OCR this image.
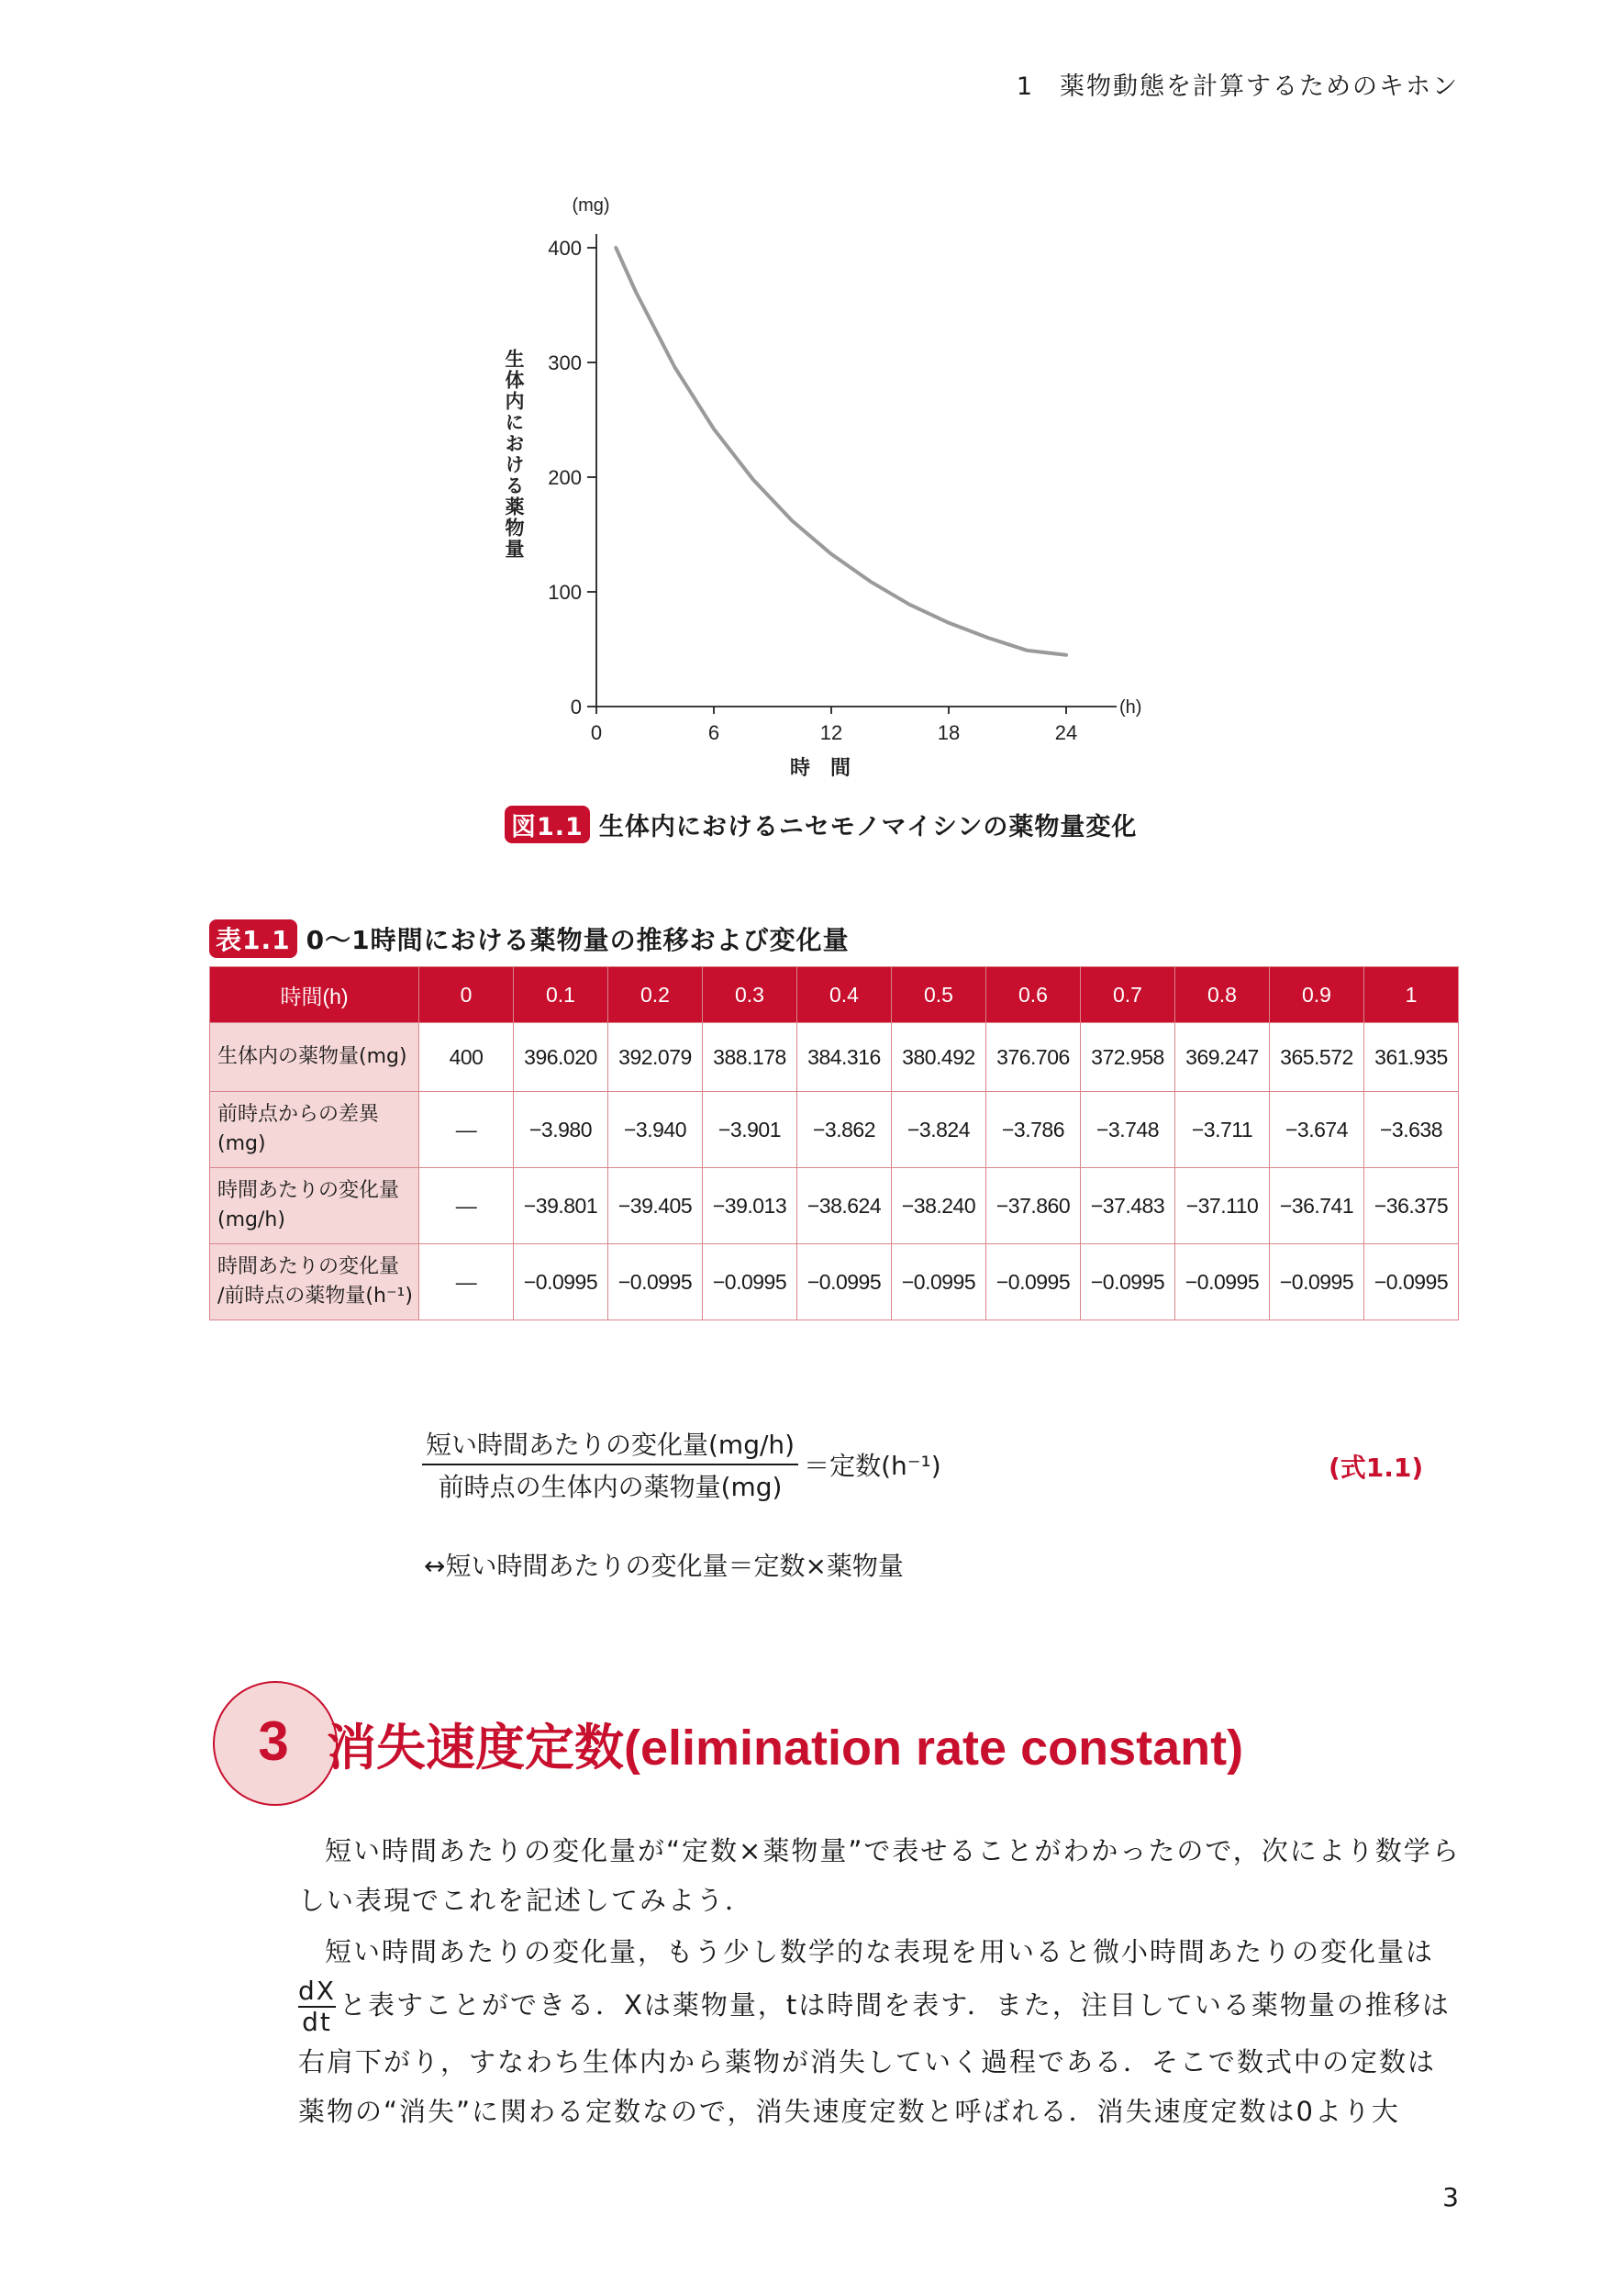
1 薬物動態を計算するためのキホン
0
100
200
300
400
0	6	12	18	24
(mg)
(h)
時　間
生体内における薬物量
図1.1 生体内におけるニセモノマイシンの薬物量変化
表1.1 0～1時間における薬物量の推移および変化量
時間(h)	0	0.1	0.2	0.3	0.4	0.5	0.6	0.7	0.8	0.9	1
生体内の薬物量(mg)	400	396.020	392.079	388.178	384.316	380.492	376.706	372.958	369.247	365.572	361.935
前時点からの差異
(mg)	—	−3.980	−3.940	−3.901	−3.862	−3.824	−3.786	−3.748	−3.711	−3.674	−3.638
時間あたりの変化量
(mg/h)	—	−39.801	−39.405	−39.013	−38.624	−38.240	−37.860	−37.483	−37.110	−36.741	−36.375
時間あたりの変化量
/前時点の薬物量(h⁻¹)	—	−0.0995	−0.0995	−0.0995	−0.0995	−0.0995	−0.0995	−0.0995	−0.0995	−0.0995	−0.0995
$\frac{\text{短い時間あたりの変化量(mg/h)}}{\text{前時点の生体内の薬物量(mg)}}$ ＝定数(h⁻¹)	(式1.1)
↔短い時間あたりの変化量＝定数×薬物量
3 消失速度定数(elimination rate constant)
短い時間あたりの変化量が“定数×薬物量”で表せることがわかったので，次により数学らしい表現でこれを記述してみよう．
短い時間あたりの変化量，もう少し数学的な表現を用いると微小時間あたりの変化量は
$\frac{dX}{dt}$ と表すことができる．Xは薬物量，tは時間を表す．また，注目している薬物量の推移は右肩下がり，すなわち生体内から薬物が消失していく過程である．そこで数式中の定数は薬物の“消失”に関わる定数なので，消失速度定数と呼ばれる．消失速度定数は0より大
3
